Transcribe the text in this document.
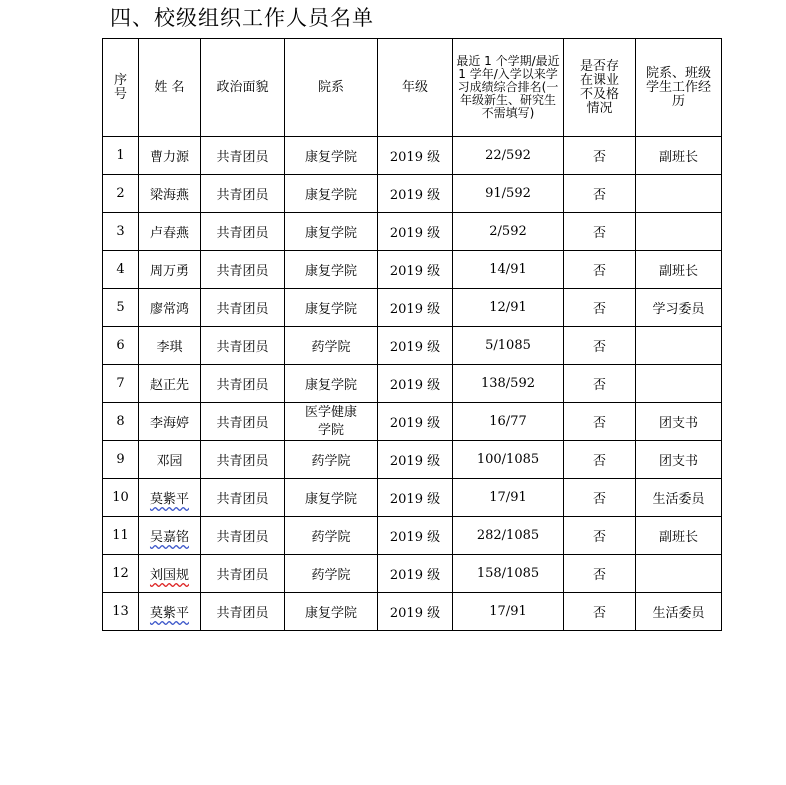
四、校级组织工作人员名单
序号	姓 名	政治面貌	院系	年级	最近 1 个学期/最近 1 学年/入学以来学习成绩综合排名(一年级新生、研究生不需填写)	是否存在课业不及格情况	院系、班级学生工作经历
1	曹力源	共青团员	康复学院	2019 级	22/592	否	副班长
2	梁海燕	共青团员	康复学院	2019 级	91/592	否	
3	卢春燕	共青团员	康复学院	2019 级	2/592	否	
4	周万勇	共青团员	康复学院	2019 级	14/91	否	副班长
5	廖常鸿	共青团员	康复学院	2019 级	12/91	否	学习委员
6	李琪	共青团员	药学院	2019 级	5/1085	否	
7	赵正先	共青团员	康复学院	2019 级	138/592	否	
8	李海婷	共青团员	医学健康学院	2019 级	16/77	否	团支书
9	邓园	共青团员	药学院	2019 级	100/1085	否	团支书
10	莫紫平	共青团员	康复学院	2019 级	17/91	否	生活委员
11	吴嘉铭	共青团员	药学院	2019 级	282/1085	否	副班长
12	刘国规	共青团员	药学院	2019 级	158/1085	否	
13	莫紫平	共青团员	康复学院	2019 级	17/91	否	生活委员
